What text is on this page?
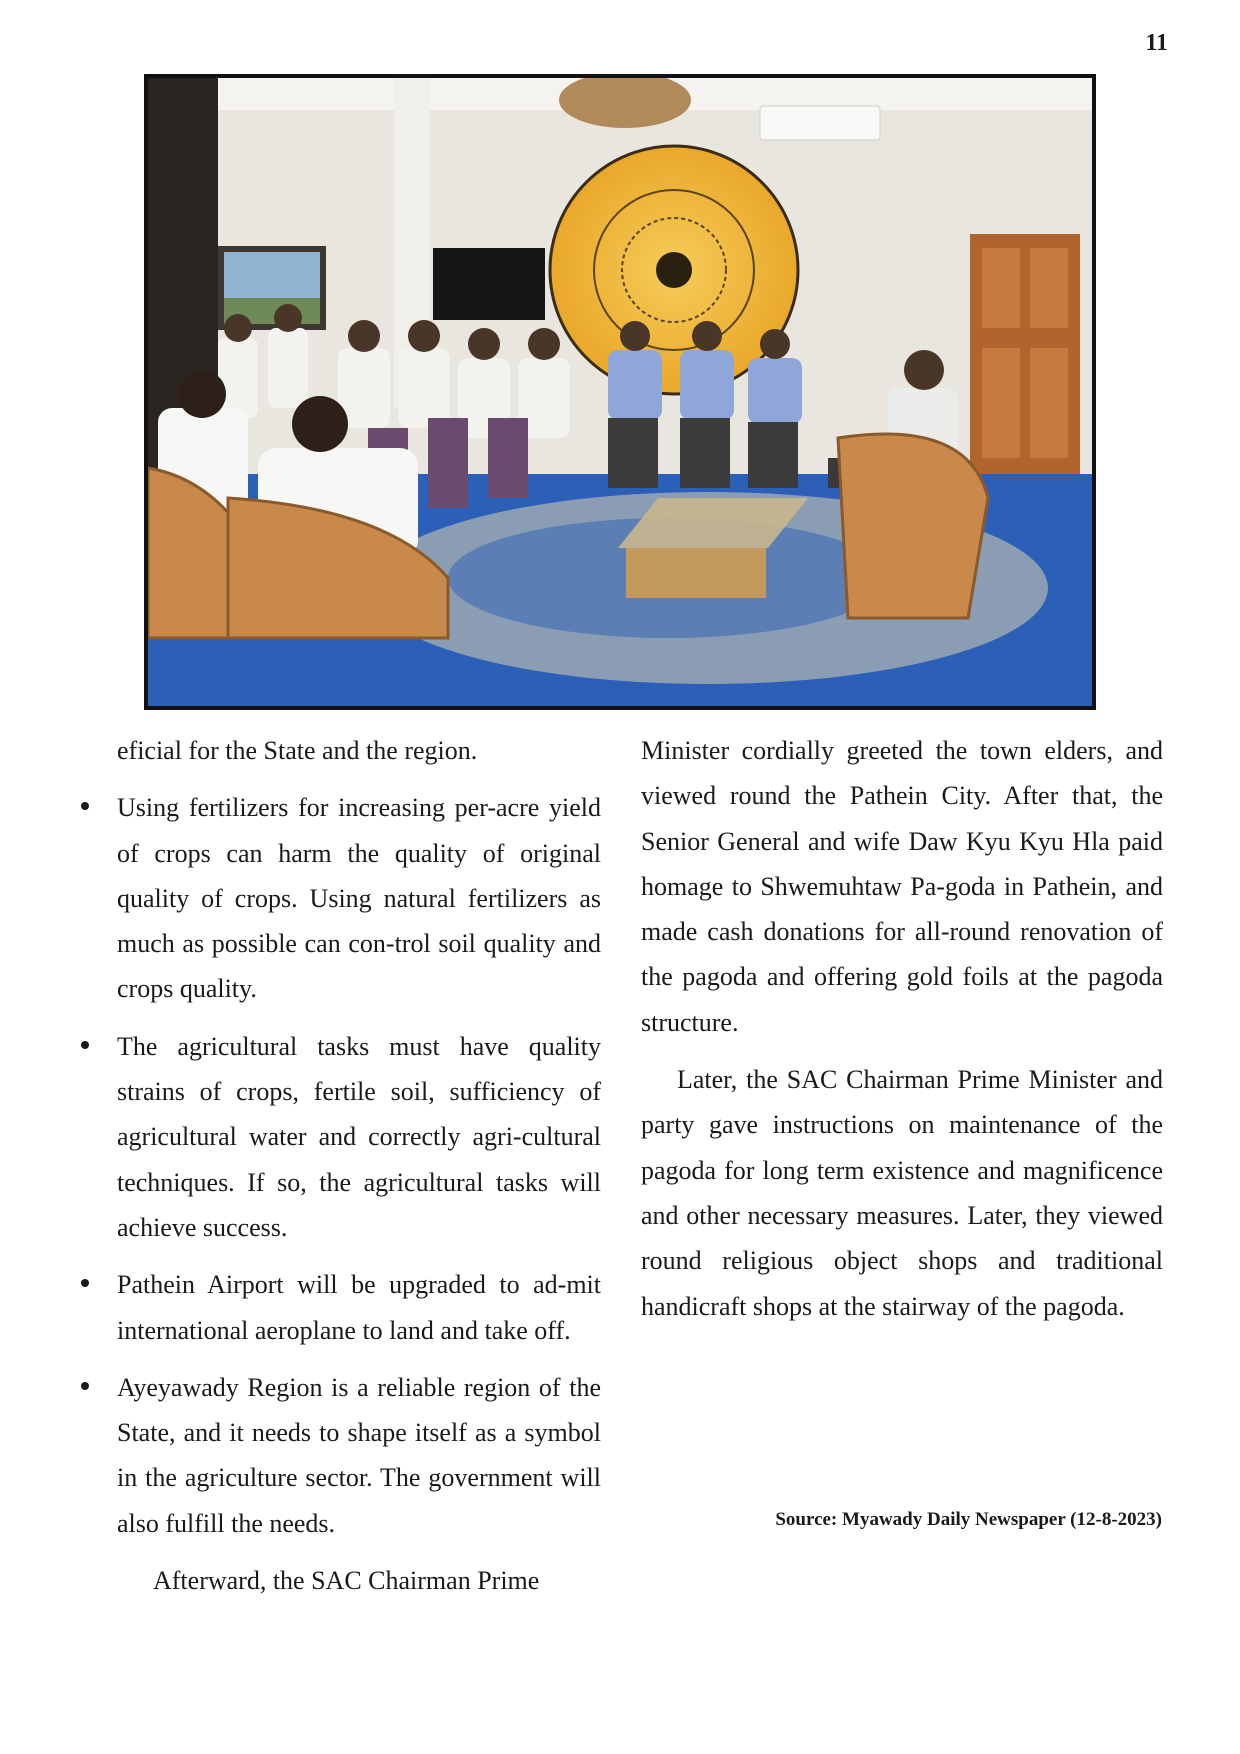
11

eficial for the State and the region.

Using fertilizers for increasing per-acre yield of crops can harm the quality of original quality of crops. Using natural fertilizers as much as possible can con-trol soil quality and crops quality.
The agricultural tasks must have quality strains of crops, fertile soil, sufficiency of agricultural water and correctly agri-cultural techniques. If so, the agricultural tasks will achieve success.
Pathein Airport will be upgraded to ad-mit international aeroplane to land and take off.
Ayeyawady Region is a reliable region of the State, and it needs to shape itself as a symbol in the agriculture sector. The government will also fulfill the needs.

Afterward, the SAC Chairman Prime

Minister cordially greeted the town elders, and viewed round the Pathein City. After that, the Senior General and wife Daw Kyu Kyu Hla paid homage to Shwemuhtaw Pa-goda in Pathein, and made cash donations for all-round renovation of the pagoda and offering gold foils at the pagoda structure.

Later, the SAC Chairman Prime Minister and party gave instructions on maintenance of the pagoda for long term existence and magnificence and other necessary measures. Later, they viewed round religious object shops and traditional handicraft shops at the stairway of the pagoda.

Source: Myawady Daily Newspaper (12-8-2023)
